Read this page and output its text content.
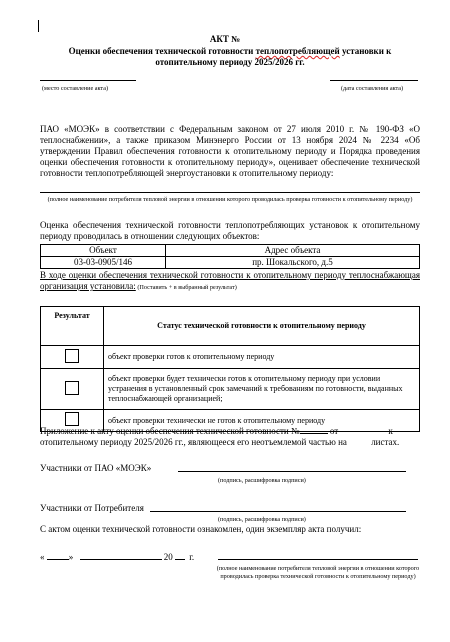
АКТ №
Оценки обеспечения технической готовности теплопотребляющей установки к
отопительному периоду 2025/2026 гг.
(место составление акта)	(дата составления акта)
ПАО «МОЭК» в соответствии с Федеральным законом от 27 июля 2010 г. № 190-ФЗ «О теплоснабжении», а также приказом Минэнерго России от 13 ноября 2024 № 2234 «Об утверждении Правил обеспечения готовности к отопительному периоду и Порядка проведения оценки обеспечения готовности к отопительному периоду», оценивает обеспечение технической готовности теплопотребляющей энергоустановки к отопительному периоду:
(полное наименование потребителя тепловой энергии в отношении которого проводилась проверка готовности к отопительному периоду)
Оценка обеспечения технической готовности теплопотребляющих установок к отопительному периоду проводилась в отношении следующих объектов:
Объект	Адрес объекта
03-03-0905/146	пр. Шокальского, д.5
В ходе оценки обеспечения технической готовности к отопительному периоду теплоснабжающая организация установила: (Поставить + в выбранный результат)
Результат	Статус технической готовности к отопительному периоду
	объект проверки готов к отопительному периоду
	объект проверки будет технически готов к отопительному периоду при условии устранения в установленный срок замечаний к требованиям по готовности, выданных теплоснабжающей организацией;
	объект проверки технически не готов к отопительному периоду
Приложение к акту оценки обеспечения технической готовности №	от	к
отопительному периоду 2025/2026 гг., являющееся его неотъемлемой частью на листах.
Участники от ПАО «МОЭК»
(подпись, расшифровка подписи)
Участники от Потребителя
(подпись, расшифровка подписи)
С актом оценки технической готовности ознакомлен, один экземпляр акта получил:
«	»	20 г.
(полное наименование потребителя тепловой энергии в отношении которого проводилась проверка технической готовности к отопительному периоду)
